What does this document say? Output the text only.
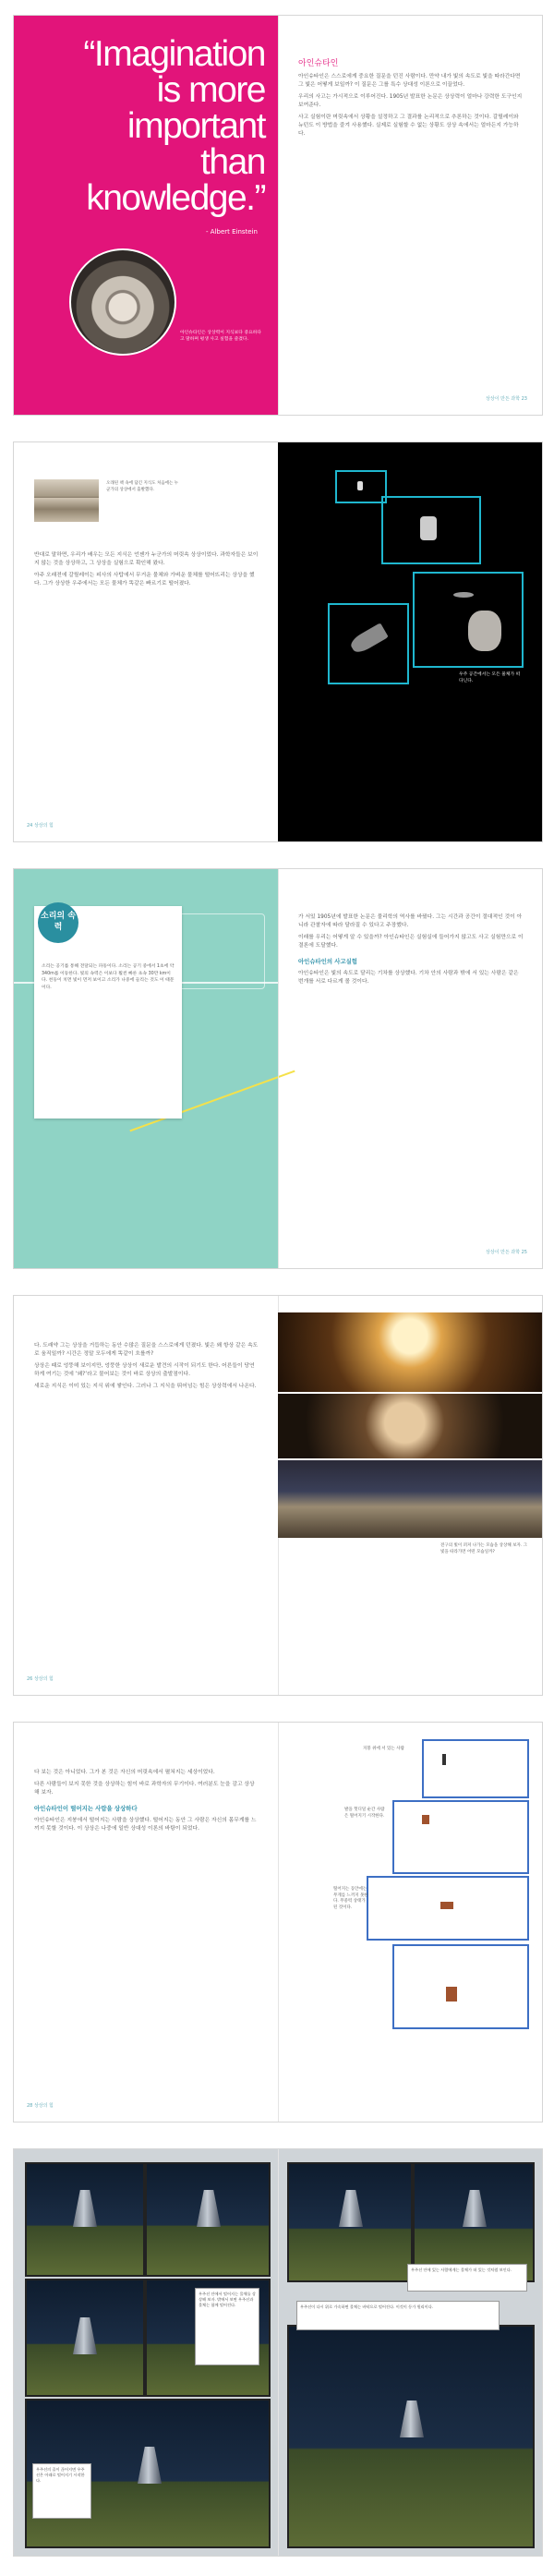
“Imagination
is more
important
than
knowledge.”
- Albert Einstein
아인슈타인은 상상력이 지식보다 중요하다고 말하며 평생 사고 실험을 즐겼다.

아인슈타인

아인슈타인은 스스로에게 중요한 질문을 던진 사람이다. 만약 내가 빛의 속도로 빛을 따라간다면 그 빛은 어떻게 보일까? 이 질문은 그를 특수 상대성 이론으로 이끌었다.

우리의 사고는 가시적으로 이루어진다. 1905년 발표한 논문은 상상력이 얼마나 강력한 도구인지 보여준다.

사고 실험이란 머릿속에서 상황을 설정하고 그 결과를 논리적으로 추론하는 것이다. 갈릴레이와 뉴턴도 이 방법을 즐겨 사용했다. 실제로 실험할 수 없는 상황도 상상 속에서는 얼마든지 가능하다.

상상이 만든 과학 23
오래된 책 속에 담긴 지식도 처음에는 누군가의 상상에서 출발했다.

반대로 말하면, 우리가 배우는 모든 지식은 언젠가 누군가의 머릿속 상상이었다. 과학자들은 보이지 않는 것을 상상하고, 그 상상을 실험으로 확인해 왔다.

아주 오래전에 갈릴레이는 피사의 사탑에서 무거운 물체와 가벼운 물체를 떨어뜨리는 상상을 했다. 그가 상상한 우주에서는 모든 물체가 똑같은 빠르기로 떨어졌다.

24 상상의 힘
우주 공간에서는 모든 물체가 떠다닌다.
소리의 속력
소리는 공기를 통해 전달되는 파동이다. 소리는 공기 중에서 1초에 약 340m를 이동한다. 빛의 속력은 이보다 훨씬 빠른 초속 30만 km이다. 천둥이 치면 빛이 먼저 보이고 소리가 나중에 들리는 것도 이 때문이다.

가 서있 1905년에 발표한 논문은 물리학의 역사를 바꿨다. 그는 시간과 공간이 절대적인 것이 아니라 관찰자에 따라 달라질 수 있다고 주장했다.

이래를 우리는 어떻게 알 수 있을까? 아인슈타인은 실험실에 들어가지 않고도 사고 실험만으로 이 결론에 도달했다.

아인슈타인의 사고실험

아인슈타인은 빛의 속도로 달리는 기차를 상상했다. 기차 안의 사람과 밖에 서 있는 사람은 같은 번개를 서로 다르게 볼 것이다.

상상이 만든 과학 25

다. 도래약 그는 상상을 거듭하는 동안 수많은 질문을 스스로에게 던졌다. 빛은 왜 항상 같은 속도로 움직일까? 시간은 정말 모두에게 똑같이 흐를까?

상상은 때로 엉뚱해 보이지만, 엉뚱한 상상이 새로운 발견의 시작이 되기도 한다. 어른들이 당연하게 여기는 것에 ‘왜?’라고 물어보는 것이 바로 상상의 출발점이다.

새로운 지식은 이미 있는 지식 위에 쌓인다. 그러나 그 지식을 뛰어넘는 힘은 상상력에서 나온다.

26 상상의 힘
전구의 빛이 퍼져 나가는 모습을 상상해 보자. 그 빛을 따라가면 어떤 모습일까?

다 보는 것은 아니었다. 그가 본 것은 자신의 머릿속에서 펼쳐지는 세상이었다.

다른 사람들이 보지 못한 것을 상상하는 힘이 바로 과학자의 무기이다. 여러분도 눈을 감고 상상해 보자.

아인슈타인이 떨어지는 사람을 상상하다

아인슈타인은 지붕에서 떨어지는 사람을 상상했다. 떨어지는 동안 그 사람은 자신의 몸무게를 느끼지 못할 것이다. 이 상상은 나중에 일반 상대성 이론의 바탕이 되었다.

28 상상의 힘
지붕 위에 서 있는 사람
발을 헛디딜 순간 사람은 떨어지기 시작한다.
떨어지는 동안에는 무게를 느끼지 못한다. 무중력 상태가 된 것이다.
우주선 안에서 떨어지는 물체를 상상해 보자. 밖에서 보면 우주선과 물체는 함께 떨어진다.
우주선의 줄이 끊어지면 우주선은 아래로 떨어지기 시작한다.
우주선 안에 있는 사람에게는 물체가 떠 있는 것처럼 보인다.
우주선이 다시 위로 가속하면 물체는 바닥으로 떨어진다. 이것이 등가 원리이다.
